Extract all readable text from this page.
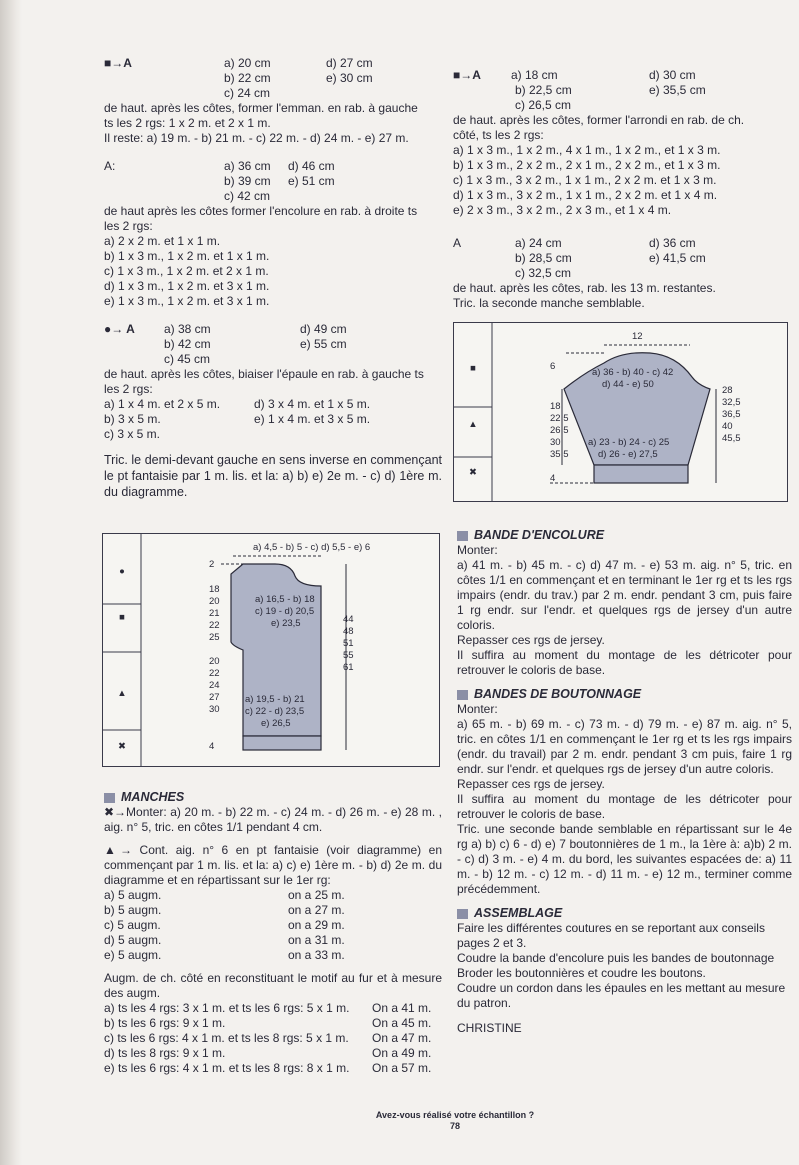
■→A	a) 20 cm	d) 27 cm
b) 22 cm	e) 30 cm
c) 24 cm

de haut. après les côtes, former l'emman. en rab. à gauche

ts les 2 rgs: 1 x 2 m. et 2 x 1 m.

Il reste: a) 19 m. - b) 21 m. - c) 22 m. - d) 24 m. - e) 27 m.

A:	a) 36 cm d) 46 cm
b) 39 cm e) 51 cm
c) 42 cm

de haut après les côtes former l'encolure en rab. à droite ts

les 2 rgs:

a) 2 x 2 m. et 1 x 1 m.

b) 1 x 3 m., 1 x 2 m. et 1 x 1 m.

c) 1 x 3 m., 1 x 2 m. et 2 x 1 m.

d) 1 x 3 m., 1 x 2 m. et 3 x 1 m.

e) 1 x 3 m., 1 x 2 m. et 3 x 1 m.

●→ A a) 38 cm	d) 49 cm
b) 42 cm	e) 55 cm
c) 45 cm

de haut. après les côtes, biaiser l'épaule en rab. à gauche ts

les 2 rgs:

a) 1 x 4 m. et 2 x 5 m.	d) 3 x 4 m. et 1 x 5 m.
b) 3 x 5 m.	e) 1 x 4 m. et 3 x 5 m.
c) 3 x 5 m.

Tric. le demi-devant gauche en sens inverse en commençant le pt fantaisie par 1 m. lis. et la: a) b) e) 2e m. - c) d) 1ère m. du diagramme.

●
■
▲
✖
a) 4,5 - b) 5 - c) d) 5,5 - e) 6
2
18
20
21
22
25
20
22
24
27
30
4
a) 16,5 - b) 18
c) 19 - d) 20,5
e) 23,5
a) 19,5 - b) 21
c) 22 - d) 23,5
e) 26,5
44
48
51
55
61
MANCHES

✖→Monter: a) 20 m. - b) 22 m. - c) 24 m. - d) 26 m. - e) 28 m. , aig. n° 5, tric. en côtes 1/1 pendant 4 cm.

▲→ Cont. aig. n° 6 en pt fantaisie (voir diagramme) en commençant par 1 m. lis. et la: a) c) e) 1ère m. - b) d) 2e m. du diagramme et en répartissant sur le 1er rg:

a) 5 augm.	on a 25 m.
b) 5 augm.	on a 27 m.
c) 5 augm.	on a 29 m.
d) 5 augm.	on a 31 m.
e) 5 augm.	on a 33 m.

Augm. de ch. côté en reconstituant le motif au fur et à mesure des augm.

a) ts les 4 rgs: 3 x 1 m. et ts les 6 rgs: 5 x 1 m. On a 41 m.
b) ts les 6 rgs: 9 x 1 m.	On a 45 m.
c) ts les 6 rgs: 4 x 1 m. et ts les 8 rgs: 5 x 1 m. On a 47 m.
d) ts les 8 rgs: 9 x 1 m.	On a 49 m.
e) ts les 6 rgs: 4 x 1 m. et ts les 8 rgs: 8 x 1 m. On a 57 m.
■→A	a) 18 cm	d) 30 cm
b) 22,5 cm	e) 35,5 cm
c) 26,5 cm

de haut. après les côtes, former l'arrondi en rab. de ch.

côté, ts les 2 rgs:

a) 1 x 3 m., 1 x 2 m., 4 x 1 m., 1 x 2 m., et 1 x 3 m.

b) 1 x 3 m., 2 x 2 m., 2 x 1 m., 2 x 2 m., et 1 x 3 m.

c) 1 x 3 m., 3 x 2 m., 1 x 1 m., 2 x 2 m. et 1 x 3 m.

d) 1 x 3 m., 3 x 2 m., 1 x 1 m., 2 x 2 m. et 1 x 4 m.

e) 2 x 3 m., 3 x 2 m., 2 x 3 m., et 1 x 4 m.

A	a) 24 cm	d) 36 cm
b) 28,5 cm	e) 41,5 cm
c) 32,5 cm

de haut. après les côtes, rab. les 13 m. restantes.

Tric. la seconde manche semblable.

■
▲
✖
12
6
18
22,5
26,5
30
35,5
4
a) 36 - b) 40 - c) 42
d) 44 - e) 50
a) 23 - b) 24 - c) 25
d) 26 - e) 27,5
28
32,5
36,5
40
45,5
BANDE D'ENCOLURE

Monter:

a) 41 m. - b) 45 m. - c) d) 47 m. - e) 53 m. aig. n° 5, tric. en côtes 1/1 en commençant et en terminant le 1er rg et ts les rgs impairs (endr. du trav.) par 2 m. endr. pendant 3 cm, puis faire 1 rg endr. sur l'endr. et quelques rgs de jersey d'un autre coloris.

Repasser ces rgs de jersey.

Il suffira au moment du montage de les détricoter pour retrouver le coloris de base.

BANDES DE BOUTONNAGE

Monter:

a) 65 m. - b) 69 m. - c) 73 m. - d) 79 m. - e) 87 m. aig. n° 5, tric. en côtes 1/1 en commençant le 1er rg et ts les rgs impairs (endr. du travail) par 2 m. endr. pendant 3 cm puis, faire 1 rg endr. sur l'endr. et quelques rgs de jersey d'un autre coloris.

Repasser ces rgs de jersey.

Il suffira au moment du montage de les détricoter pour retrouver le coloris de base.

Tric. une seconde bande semblable en répartissant sur le 4e rg a) b) c) 6 - d) e) 7 boutonnières de 1 m., la 1ère à: a)b) 2 m. - c) d) 3 m. - e) 4 m. du bord, les suivantes espacées de: a) 11 m. - b) 12 m. - c) 12 m. - d) 11 m. - e) 12 m., terminer comme précédemment.

ASSEMBLAGE

Faire les différentes coutures en se reportant aux conseils pages 2 et 3.

Coudre la bande d'encolure puis les bandes de boutonnage

Broder les boutonnières et coudre les boutons.

Coudre un cordon dans les épaules en les mettant au mesure du patron.

CHRISTINE

Avez-vous réalisé votre échantillon ?
78
